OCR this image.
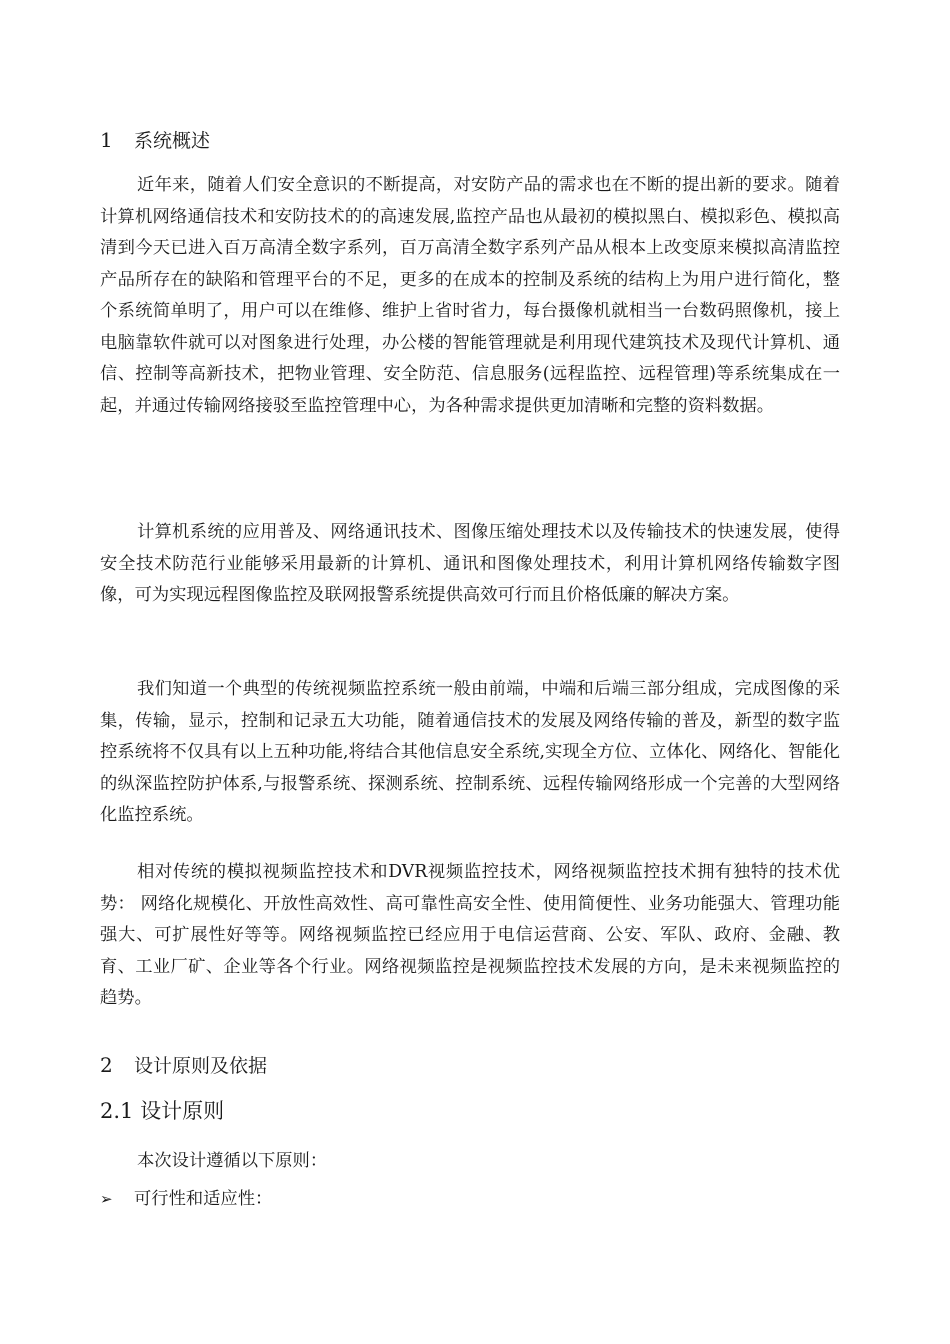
1 系统概述
近年来，随着人们安全意识的不断提高，对安防产品的需求也在不断的提出新的要求。随着计算机网络通信技术和安防技术的的高速发展,监控产品也从最初的模拟黑白、模拟彩色、模拟高清到今天已进入百万高清全数字系列，百万高清全数字系列产品从根本上改变原来模拟高清监控产品所存在的缺陷和管理平台的不足，更多的在成本的控制及系统的结构上为用户进行简化，整个系统简单明了，用户可以在维修、维护上省时省力，每台摄像机就相当一台数码照像机，接上电脑靠软件就可以对图象进行处理，办公楼的智能管理就是利用现代建筑技术及现代计算机、通信、控制等高新技术，把物业管理、安全防范、信息服务(远程监控、远程管理)等系统集成在一起，并通过传输网络接驳至监控管理中心，为各种需求提供更加清晰和完整的资料数据。
计算机系统的应用普及、网络通讯技术、图像压缩处理技术以及传输技术的快速发展，使得安全技术防范行业能够采用最新的计算机、通讯和图像处理技术，利用计算机网络传输数字图像，可为实现远程图像监控及联网报警系统提供高效可行而且价格低廉的解决方案。
我们知道一个典型的传统视频监控系统一般由前端，中端和后端三部分组成，完成图像的采集，传输，显示，控制和记录五大功能，随着通信技术的发展及网络传输的普及，新型的数字监控系统将不仅具有以上五种功能,将结合其他信息安全系统,实现全方位、立体化、网络化、智能化的纵深监控防护体系,与报警系统、探测系统、控制系统、远程传输网络形成一个完善的大型网络化监控系统。
相对传统的模拟视频监控技术和DVR视频监控技术，网络视频监控技术拥有独特的技术优势： 网络化规模化、开放性高效性、高可靠性高安全性、使用简便性、业务功能强大、管理功能强大、可扩展性好等等。网络视频监控已经应用于电信运营商、公安、军队、政府、金融、教育、工业厂矿、企业等各个行业。网络视频监控是视频监控技术发展的方向，是未来视频监控的趋势。
2 设计原则及依据
2.1 设计原则
本次设计遵循以下原则：
➢ 可行性和适应性：
